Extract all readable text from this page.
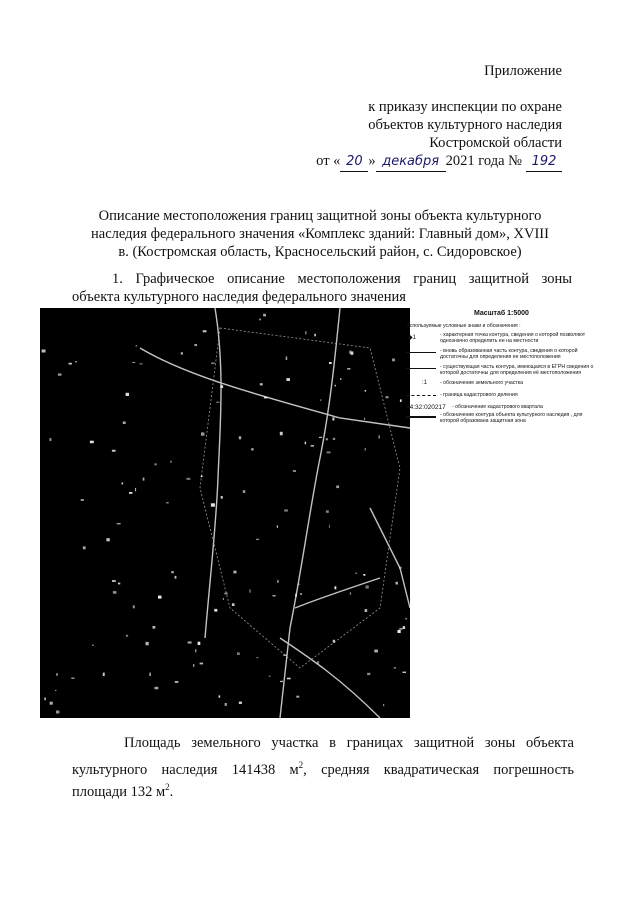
Приложение
к приказу инспекции по охране
объектов культурного наследия
Костромской области
от « 20 » декабря 2021 года № 192
Описание местоположения границ защитной зоны объекта культурного
наследия федерального значения «Комплекс зданий: Главный дом», XVIII
в. (Костромская область, Красносельский район, с. Сидоровское)
1. Графическое описание местоположения границ защитной зоны
объекта культурного наследия федерального значения
Масштаб 1:5000
Используемые условные знаки и обозначения :
◆1	- характерная точка контура, сведения о которой позволяют однозначно определить ее на местности
- вновь образованная часть контура, сведения о которой достаточны для определения ее местоположения
- существующая часть контура, имеющаяся в ЕГРН сведения о которой достаточны для определения её местоположения
:1 - обозначение земельного участка
- граница кадастрового деления
44:32:020217 - обозначение кадастрового квартала
- обозначение контура объекта культурного наследия , для которой образована защитная зона
Площадь земельного участка в границах защитной зоны объекта
культурного наследия 141438 $м^2$, средняя квадратическая погрешность
площади 132 $м^2$.
